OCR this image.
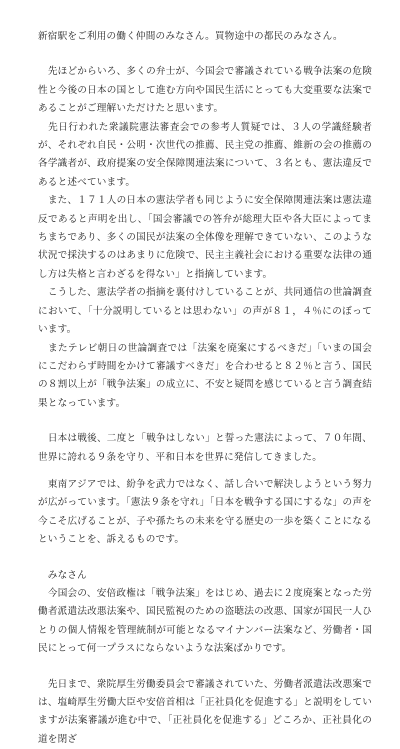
新宿駅をご利用の働く仲間のみなさん。買物途中の都民のみなさん。

　先ほどからいろ、多くの弁士が、今国会で審議されている戦争法案の危険性と今後の日本の国として進む方向や国民生活にとっても大変重要な法案であることがご理解いただけたと思います。

　先日行われた衆議院憲法審査会での参考人質疑では、３人の学識経験者が、それぞれ自民・公明・次世代の推薦、民主党の推薦、維新の会の推薦の各学識者が、政府提案の安全保障関連法案について、３名とも、憲法違反であると述べています。

　また、１７１人の日本の憲法学者も同じように安全保障関連法案は憲法違反であると声明を出し、「国会審議での答弁が総理大臣や各大臣によってまちまちであり、多くの国民が法案の全体像を理解できていない、このような状況で採決するのはあまりに危険で、民主主義社会における重要な法律の通し方は失格と言わざるを得ない」と指摘しています。

　こうした、憲法学者の指摘を裏付けしていることが、共同通信の世論調査において、「十分説明しているとは思わない」の声が８１，４％にのぼっています。

　またテレビ朝日の世論調査では「法案を廃案にするべきだ」「いまの国会にこだわらず時間をかけて審議すべきだ」を合わせると８２％と言う、国民の８割以上が「戦争法案」の成立に、不安と疑問を感じていると言う調査結果となっています。

　日本は戦後、二度と「戦争はしない」と誓った憲法によって、７０年間、世界に誇れる９条を守り、平和日本を世界に発信してきました。

　東南アジアでは、紛争を武力ではなく、話し合いで解決しようという努力が広がっています。「憲法９条を守れ」「日本を戦争する国にするな」の声を今こそ広げることが、子や孫たちの未来を守る歴史の一歩を築くことになるということを、訴えるものです。

　みなさん

　今国会の、安倍政権は「戦争法案」をはじめ、過去に２度廃案となった労働者派遣法改悪法案や、国民監視のための盗聴法の改悪、国家が国民一人ひとりの個人情報を管理統制が可能となるマイナンバー法案など、労働者・国民にとって何一プラスにならないような法案ばかりです。

　先日まで、衆院厚生労働委員会で審議されていた、労働者派遣法改悪案では、塩崎厚生労働大臣や安倍首相は「正社員化を促進する」と説明をしていますが法案審議が進む中で、「正社員化を促進する」どころか、正社員化の道を閉ざ
